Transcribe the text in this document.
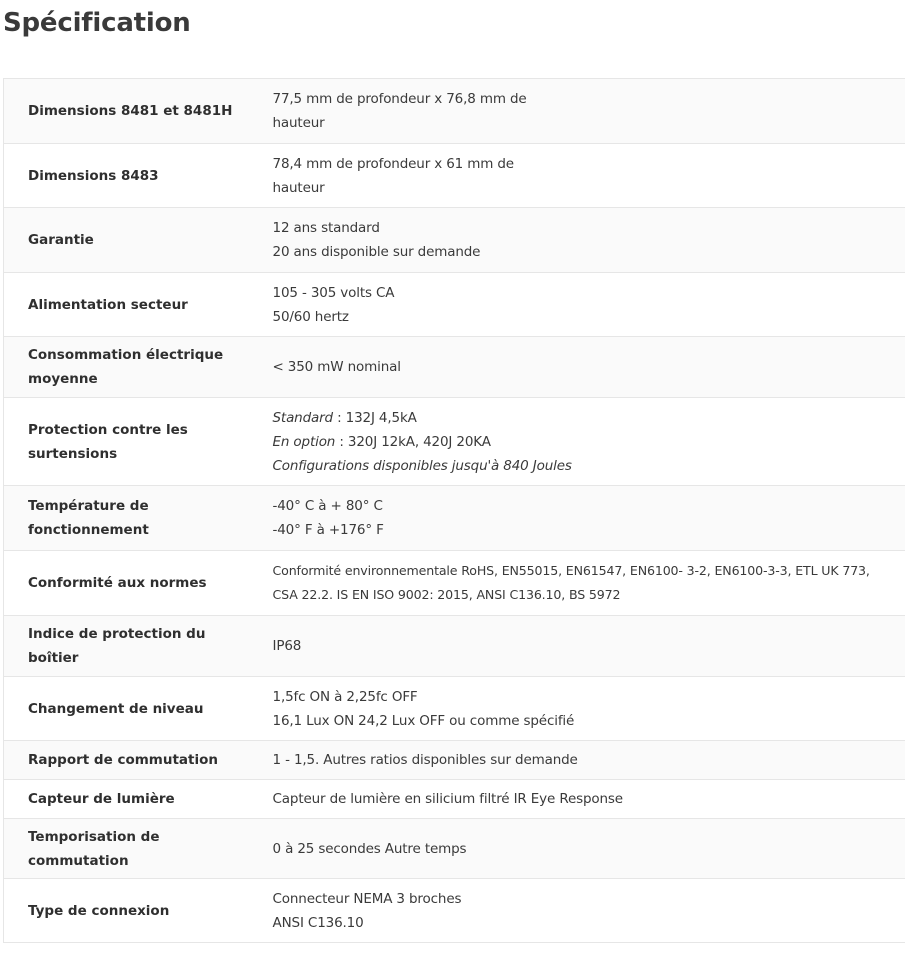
Spécification
Dimensions 8481 et 8481H	77,5 mm de profondeur x 76,8 mm de
hauteur

Dimensions 8483	78,4 mm de profondeur x 61 mm de
hauteur

Garantie	12 ans standard
20 ans disponible sur demande

Alimentation secteur	105 - 305 volts CA
50/60 hertz

Consommation électrique moyenne	< 350 mW nominal

Protection contre les surtensions	Standard : 132J 4,5kA
En option : 320J 12kA, 420J 20KA
Configurations disponibles jusqu'à 840 Joules

Température de fonctionnement	-40° C à + 80° C
-40° F à +176° F

Conformité aux normes	Conformité environnementale RoHS, EN55015, EN61547, EN6100- 3-2, EN6100-3-3, ETL UK 773,
CSA 22.2. IS EN ISO 9002: 2015, ANSI C136.10, BS 5972

Indice de protection du boîtier	IP68

Changement de niveau	1,5fc ON à 2,25fc OFF
16,1 Lux ON 24,2 Lux OFF ou comme spécifié

Rapport de commutation	1 - 1,5. Autres ratios disponibles sur demande

Capteur de lumière	Capteur de lumière en silicium filtré IR Eye Response

Temporisation de commutation	0 à 25 secondes Autre temps

Type de connexion	Connecteur NEMA 3 broches
ANSI C136.10
